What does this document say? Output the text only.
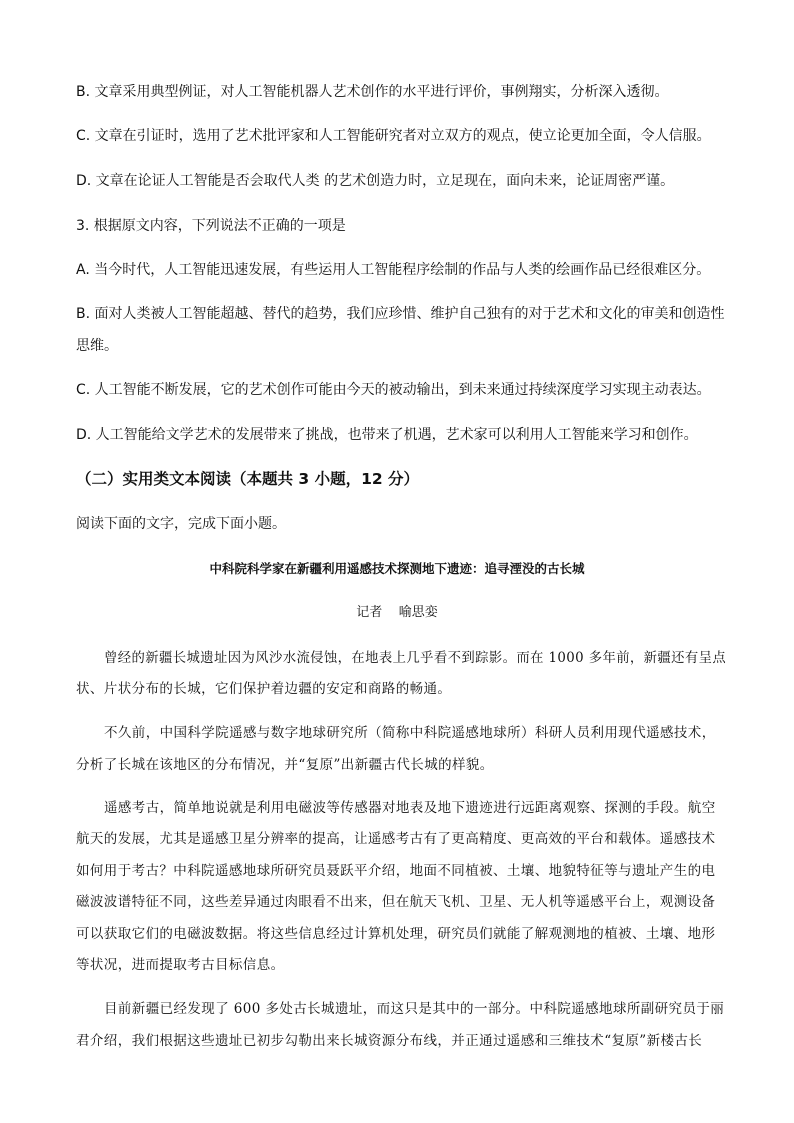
B. 文章采用典型例证，对人工智能机器人艺术创作的水平进行评价，事例翔实，分析深入透彻。
C. 文章在引证时，选用了艺术批评家和人工智能研究者对立双方的观点，使立论更加全面，令人信服。
D. 文章在论证人工智能是否会取代人类 的艺术创造力时，立足现在，面向未来，论证周密严谨。
3. 根据原文内容，下列说法不正确的一项是
A. 当今时代，人工智能迅速发展，有些运用人工智能程序绘制的作品与人类的绘画作品已经很难区分。
B. 面对人类被人工智能超越、替代的趋势，我们应珍惜、维护自己独有的对于艺术和文化的审美和创造性
思维。
C. 人工智能不断发展，它的艺术创作可能由今天的被动输出，到未来通过持续深度学习实现主动表达。
D. 人工智能给文学艺术的发展带来了挑战，也带来了机遇，艺术家可以利用人工智能来学习和创作。
（二）实用类文本阅读（本题共 3 小题，12 分）
阅读下面的文字，完成下面小题。
中科院科学家在新疆利用遥感技术探测地下遗迹：追寻湮没的古长城
记者    喻思娈
曾经的新疆长城遗址因为风沙水流侵蚀，在地表上几乎看不到踪影。而在 1000 多年前，新疆还有呈点
状、片状分布的长城，它们保护着边疆的安定和商路的畅通。
不久前，中国科学院遥感与数字地球研究所（简称中科院遥感地球所）科研人员利用现代遥感技术，
分析了长城在该地区的分布情况，并“复原”出新疆古代长城的样貌。
遥感考古，简单地说就是利用电磁波等传感器对地表及地下遗迹进行远距离观察、探测的手段。航空
航天的发展，尤其是遥感卫星分辨率的提高，让遥感考古有了更高精度、更高效的平台和载体。遥感技术
如何用于考古？中科院遥感地球所研究员聂跃平介绍，地面不同植被、土壤、地貌特征等与遗址产生的电
磁波波谱特征不同，这些差异通过肉眼看不出来，但在航天飞机、卫星、无人机等遥感平台上，观测设备
可以获取它们的电磁波数据。将这些信息经过计算机处理，研究员们就能了解观测地的植被、土壤、地形
等状况，进而提取考古目标信息。
目前新疆已经发现了 600 多处古长城遗址，而这只是其中的一部分。中科院遥感地球所副研究员于丽
君介绍，我们根据这些遗址已初步勾勒出来长城资源分布线，并正通过遥感和三维技术“复原”新楼古长
